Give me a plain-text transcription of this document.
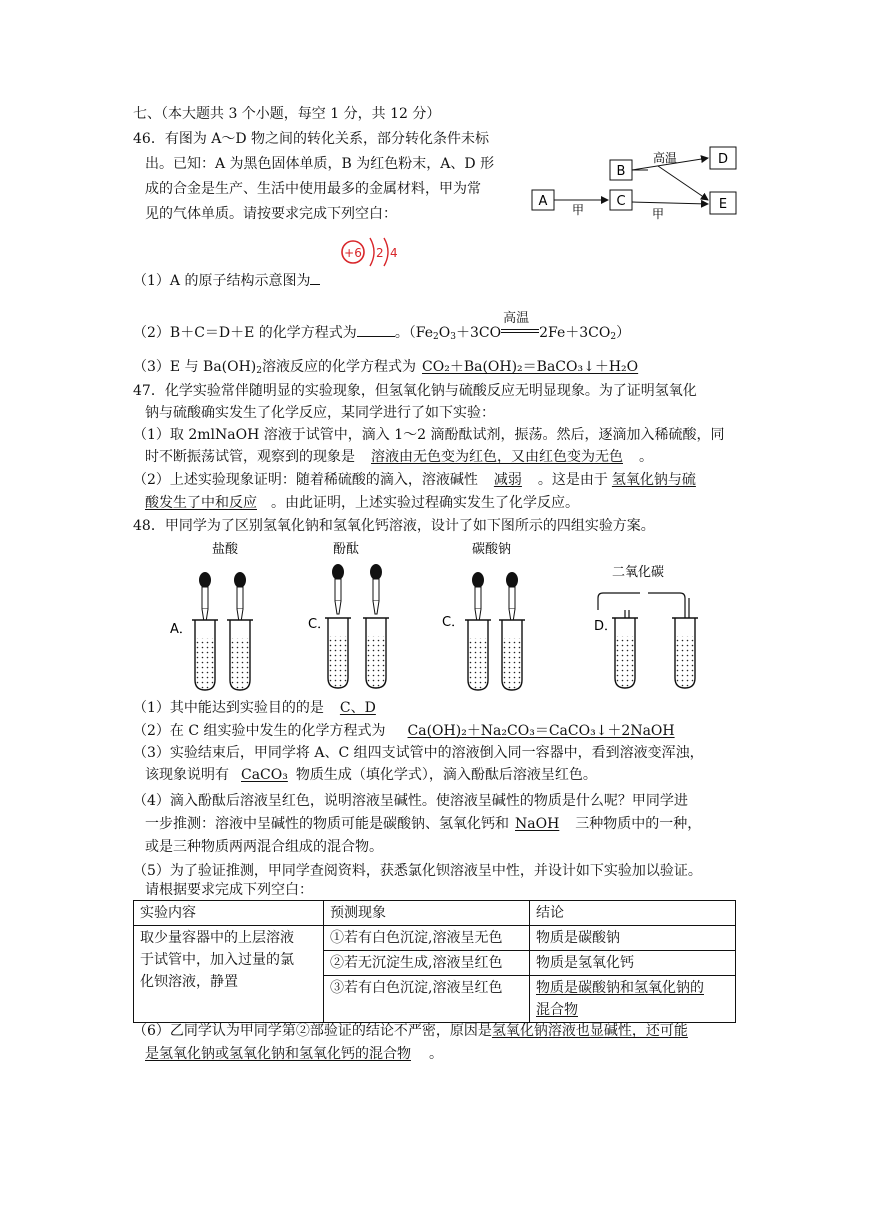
七、（本大题共 3 个小题，每空 1 分，共 12 分）
46．有图为 A～D 物之间的转化关系，部分转化条件未标
出。已知：A 为黑色固体单质，B 为红色粉末，A、D 形
成的合金是生产、生活中使用最多的金属材料，甲为常
见的气体单质。请按要求完成下列空白：
A
B
C
D
E
甲
高温
甲
+6 2 4
（1）A 的原子结构示意图为
（2）B＋C＝D＋E 的化学方程式为	。（$Fe_2O_3+3CO$
高温
$2Fe+3CO_2$）
（3）E 与 $Ba(OH)_2$溶液反应的化学方程式为 CO₂＋Ba(OH)₂＝BaCO₃↓＋H₂O
47．化学实验常伴随明显的实验现象，但氢氧化钠与硫酸反应无明显现象。为了证明氢氧化
钠与硫酸确实发生了化学反应，某同学进行了如下实验：
（1）取 2mlNaOH 溶液于试管中，滴入 1～2 滴酚酞试剂，振荡。然后，逐滴加入稀硫酸，同
时不断振荡试管，观察到的现象是 溶液由无色变为红色，又由红色变为无色 。
（2）上述实验现象证明：随着稀硫酸的滴入，溶液碱性 减弱 。这是由于 氢氧化钠与硫
酸发生了中和反应 。由此证明，上述实验过程确实发生了化学反应。
48．甲同学为了区别氢氧化钠和氢氧化钙溶液，设计了如下图所示的四组实验方案。
盐酸
A．
酚酞
C．
碳酸钠
C．
二氧化碳
D．
（1）其中能达到实验目的的是 C、D
（2）在 C 组实验中发生的化学方程式为 Ca(OH)₂＋Na₂CO₃＝CaCO₃↓＋2NaOH
（3）实验结束后，甲同学将 A、C 组四支试管中的溶液倒入同一容器中，看到溶液变浑浊，
该现象说明有 CaCO₃ 物质生成（填化学式），滴入酚酞后溶液呈红色。
（4）滴入酚酞后溶液呈红色，说明溶液呈碱性。使溶液呈碱性的物质是什么呢？甲同学进
一步推测：溶液中呈碱性的物质可能是碳酸钠、氢氧化钙和 NaOH 三种物质中的一种，
或是三种物质两两混合组成的混合物。
（5）为了验证推测，甲同学查阅资料，获悉氯化钡溶液呈中性，并设计如下实验加以验证。
请根据要求完成下列空白：
实验内容	预测现象	结论

取少量容器中的上层溶液
于试管中，加入过量的氯
化钡溶液，静置	①若有白色沉淀,溶液呈无色	物质是碳酸钠
	②若无沉淀生成,溶液呈红色	物质是氢氧化钙
	③若有白色沉淀,溶液呈红色	物质是碳酸钠和氢氧化钠的
混合物
（6）乙同学认为甲同学第②部验证的结论不严密，原因是氢氧化钠溶液也显碱性，还可能
是氢氧化钠或氢氧化钠和氢氧化钙的混合物 。
